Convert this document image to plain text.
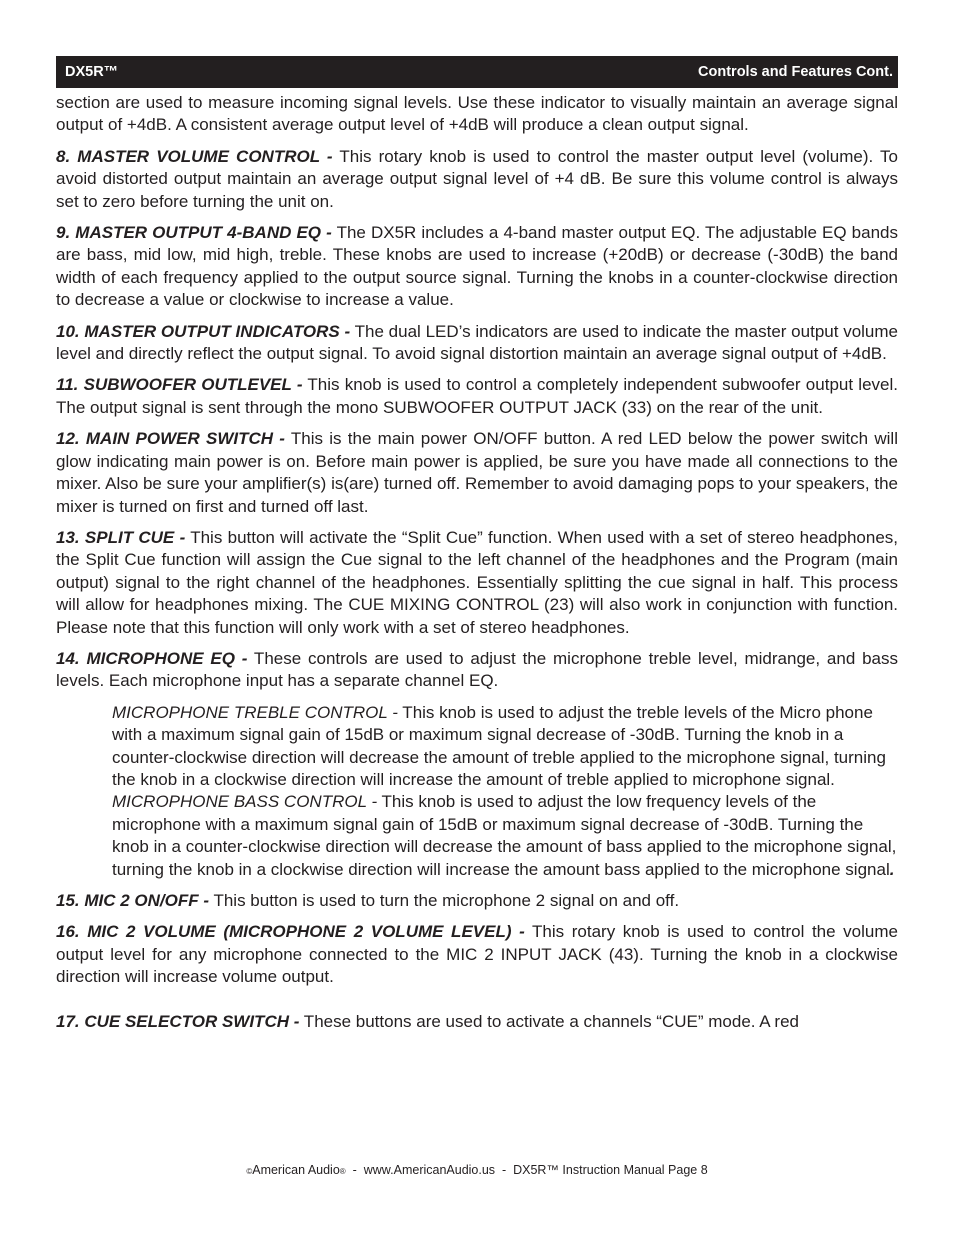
DX5R™	Controls and Features Cont.

section are used to measure incoming signal levels. Use these indicator to visually maintain an average signal output of +4dB. A consistent average output level of +4dB will produce a clean output signal.

8. MASTER VOLUME CONTROL - This rotary knob is used to control the master output level (volume). To avoid distorted output maintain an average output signal level of +4 dB. Be sure this volume control is always set to zero before turning the unit on.

9. MASTER OUTPUT 4-BAND EQ - The DX5R includes a 4-band master output EQ. The adjustable EQ bands are bass, mid low, mid high, treble. These knobs are used to increase (+20dB) or decrease (-30dB) the band width of each frequency applied to the output source signal. Turning the knobs in a counter-clockwise direction to decrease a value or clockwise to increase a value.

10. MASTER OUTPUT INDICATORS - The dual LED’s indicators are used to indicate the master output volume level and directly reflect the output signal. To avoid signal distortion maintain an average signal output of +4dB.

11. SUBWOOFER OUTLEVEL - This knob is used to control a completely independent subwoofer output level. The output signal is sent through the mono SUBWOOFER OUTPUT JACK (33) on the rear of the unit.

12. MAIN POWER SWITCH - This is the main power ON/OFF button. A red LED below the power switch will glow indicating main power is on. Before main power is applied, be sure you have made all connections to the mixer. Also be sure your amplifier(s) is(are) turned off. Remember to avoid damaging pops to your speakers, the mixer is turned on first and turned off last.

13. SPLIT CUE - This button will activate the “Split Cue” function. When used with a set of stereo headphones, the Split Cue function will assign the Cue signal to the left channel of the headphones and the Program (main output) signal to the right channel of the headphones. Essentially splitting the cue signal in half. This process will allow for headphones mixing. The CUE MIXING CONTROL (23) will also work in conjunction with function. Please note that this function will only work with a set of stereo headphones.

14. MICROPHONE EQ - These controls are used to adjust the microphone treble level, midrange, and bass levels. Each microphone input has a separate channel EQ.

MICROPHONE TREBLE CONTROL - This knob is used to adjust the treble levels of the Micro phone with a maximum signal gain of 15dB or maximum signal decrease of -30dB. Turning the knob in a counter-clockwise direction will decrease the amount of treble applied to the microphone signal, turning the knob in a clockwise direction will increase the amount of treble applied to microphone signal.

MICROPHONE BASS CONTROL - This knob is used to adjust the low frequency levels of the microphone with a maximum signal gain of 15dB or maximum signal decrease of -30dB. Turning the knob in a counter-clockwise direction will decrease the amount of bass applied to the microphone signal, turning the knob in a clockwise direction will increase the amount bass applied to the microphone signal.

15. MIC 2 ON/OFF - This button is used to turn the microphone 2 signal on and off.

16. MIC 2 VOLUME (MICROPHONE 2 VOLUME LEVEL) - This rotary knob is used to control the volume output level for any microphone connected to the MIC 2 INPUT JACK (43). Turning the knob in a clockwise direction will increase volume output.

17. CUE SELECTOR SWITCH - These buttons are used to activate a channels “CUE” mode. A red

©American Audio®  -  www.AmericanAudio.us  -  DX5R™ Instruction Manual Page 8
